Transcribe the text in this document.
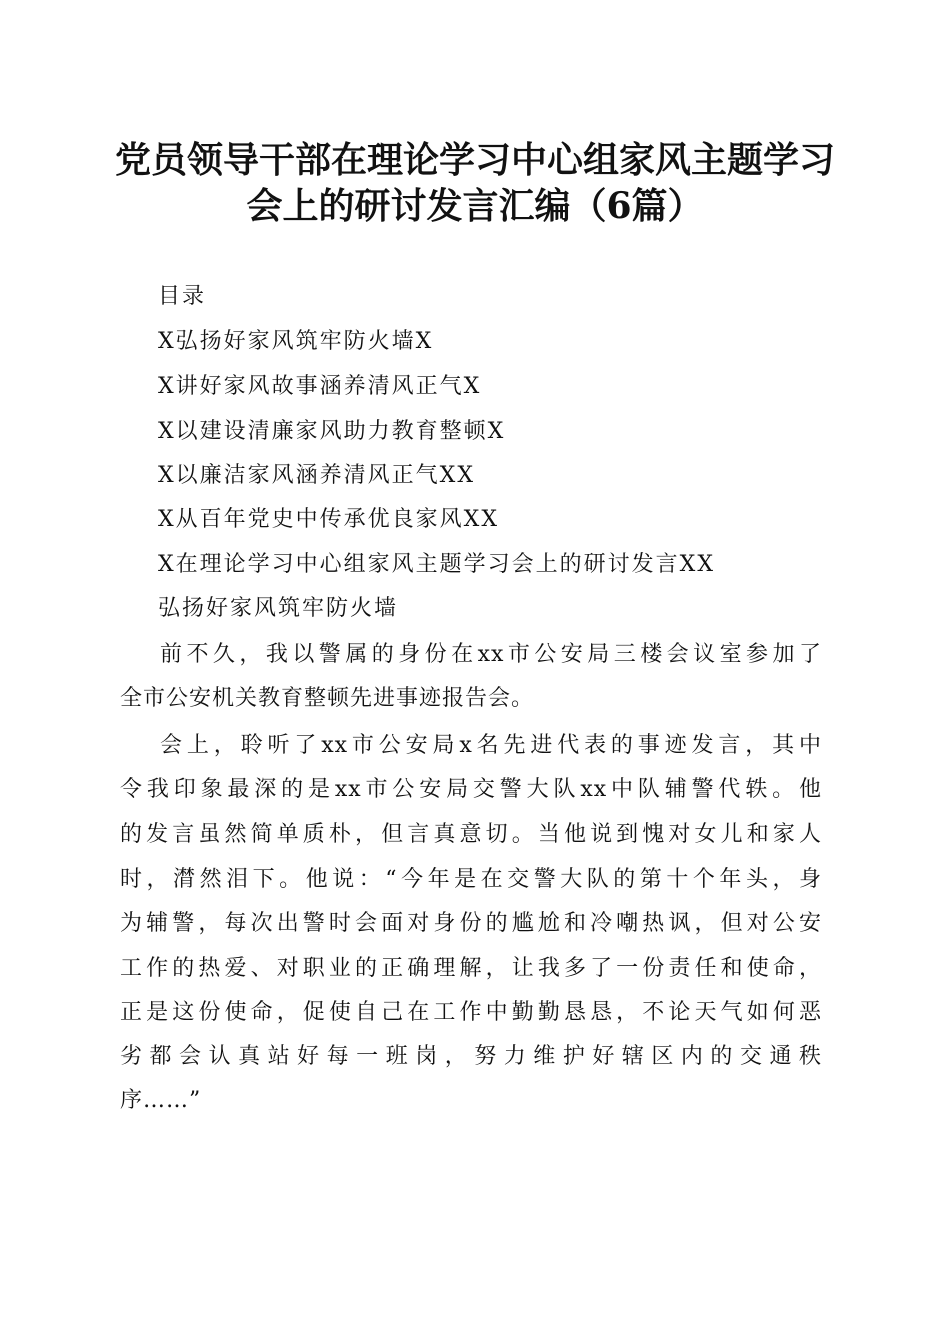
党员领导干部在理论学习中心组家风主题学习
会上的研讨发言汇编（6篇）
目录
X弘扬好家风筑牢防火墙X
X讲好家风故事涵养清风正气X
X以建设清廉家风助力教育整顿X
X以廉洁家风涵养清风正气XX
X从百年党史中传承优良家风XX
X在理论学习中心组家风主题学习会上的研讨发言XX
弘扬好家风筑牢防火墙
前不久，我以警属的身份在xx市公安局三楼会议室参加了
全市公安机关教育整顿先进事迹报告会。
会上，聆听了xx市公安局x名先进代表的事迹发言，其中
令我印象最深的是xx市公安局交警大队xx中队辅警代轶。他
的发言虽然简单质朴，但言真意切。当他说到愧对女儿和家人
时，潸然泪下。他说：“今年是在交警大队的第十个年头，身
为辅警，每次出警时会面对身份的尴尬和冷嘲热讽，但对公安
工作的热爱、对职业的正确理解，让我多了一份责任和使命，
正是这份使命，促使自己在工作中勤勤恳恳，不论天气如何恶
劣都会认真站好每一班岗，努力维护好辖区内的交通秩
序……”
